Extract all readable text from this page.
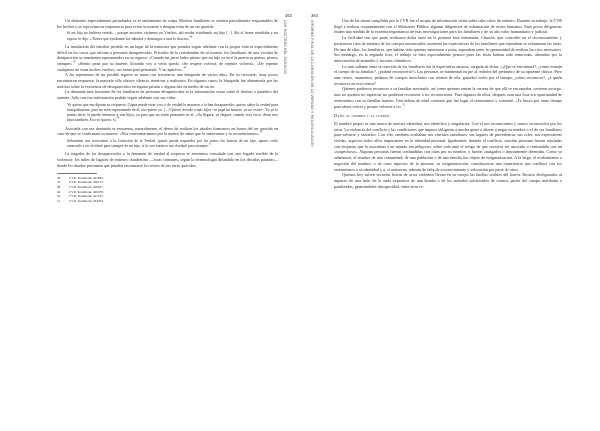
363
LOS ROSTROS DEL SILENCIO

Un elemento especialmente perturbador es el sentimiento de culpa. Muchos familiares se sienten parcialmente responsables de los hechos o se reprochan su impotencia para evitar la muerte o desaparición de un ser querido.

Si mi hijo no hubiera venido..., porque nosotros vivíamos en Vinchos, ahí estaba estudiando mi hijo [...]. Ahí al frente estudiaba y mi esposo le dijo: «Tienes que ayudarme los sábados y domingos a arar la chacra».$^{46}$

La instalación del familiar perdido en un lugar de la memoria que permita seguir adelante con la propia vida es especialmente difícil en los casos que afectan a personas desaparecidas. Privados de la certidumbre de su muerte, los familiares de una víctima de desaparición se mantienen esperanzados en su regreso: «Cuando mi perro ladra pienso que mi hija ya tocó la puerta as pienso, pienso siempre».$^{47}$ «Siento pena por su muerte, llorando voy a verla quedo, «Se respete volverá, de repente volverá». «De repente cualquiera de estas noches vuelve», así noma para pensando. Y no aparece».$^{48}$

A las esperanzas de un posible regreso se suma con frecuencia una búsqueda de varios años. En su recorrido, muy pocos encontraron respuesta; la mayoría sólo obtuvo silencio, mentiras y maltratos. En algunos casos, la búsqueda fue alimentada por las noticias sobre la existencia de desaparecidos en alguna prisión o alguna isla en medio de un río.

La demanda más frecuente de los familiares de personas desaparecidas es la información veraz sobre el destino o paradero del ausente. Sólo con esa información podrán seguir adelante con sus vidas.

Yo quiero que me dijeran su respuesta. Capaz puede estar vivo o de verdad lo mataron o lo han desaparecido; quiero saber la verdad para tranquilizarme, para no estar esperanzada de él, eso quiero yo. [...] Quiero decidir a más hijos -su papá ha muerto, ya no existe-. Yo ya le puedo decir, le puede informar a mis hijos, ya para que no estén pensando en él. «Ya llegará, ya llegará, cuando esta vivo» dicen mis hijos también. Eso yo quiero, sí.$^{49}$

Asociada con esa demanda se encuentra, naturalmente, el deseo de realizar los rituales funerarios en honor del ser querido en caso de que se confirmase su muerte. «Nos conformaríamos por lo menos de saber que lo enterramos y lo recordaríamos».$^{50}$

Solamente nos acercamos a la Comisión de la Verdad, quizás pueda responder por los restos los huesos de mi hijo, quiero verlo enterrado y no olvidaré para siempre de mi hijo, si lo veo entierro me olvidaré para siempre.$^{51}$

La tragedia de los desaparecidos y la demanda de verdad al respecto se encuentra vinculada con otro legado terrible de la violencia: los miles de lugares de entierro clandestino —fosas comunes, según la terminología difundida en los décadas pasadas— donde los deudos presumen que pueden encontrarse los restos de sus seres queridos.

46	CVR. Testimonio 201863.
47	CVR. Testimonio 200137.
48	CVR. Testimonio 200627.
49	CVR. Testimonio 400078.
50	CVR. Testimonio 201135.
51	CVR. Testimonio 203203.
364
INFORME FINAL DE LA COMISIÓN DE LA VERDAD Y RECONCILIACIÓN	Una de las tareas cumplidas por la CVR fue el acopio de información cierta sobre tales sitios de entierro. Durante su trabajo, la CVR llegó a realizar conjuntamente con el Ministerio Público algunas diligencias de exhumación de restos humanos. Esas pocas diligencias rinden una medida de la extrema importancia de esas investigaciones para los familiares y de su alto valor humanitario y judicial.

La facilidad con que pudo realizarse dicha tarea en la primera fosa exhumada, Chuschi, que coincidió en el reconocimiento y posteriores ritos de entierro de los cuerpos encontrados, aumentó las expectativas de los familiares que esperaban se exhumaran las otras. De una de ellas, los familiares, que habían sido quienes enterraron a prisa, esperaban tener la oportunidad de realizar los ritos necesarios. Sin embargo, en la segunda fosa, el trabajo se hizo especialmente penoso pues las fosas habían sido removidas, alteradas por la intervención de animales y factores climáticos.

Lo más saltante entre la reacción de los familiares fue la expectativa ansiosa, cargada de dolor: «¿Qué se encontrará?, ¿cómo estarán el cuerpo de su familiar?, ¿podrán reconocerlo?» Las personas se mantenían en pie al rededor del perímetro de su aparente clínica. Pero ante restos, osamentos, pedazos de cuerpos mezclados con retazos de tela, gastados todos por el tiempo, ¿cómo reconocer?, ¿a quién reconocer en esos restos?

Quienes pudieron reconocer a su familiar asesinado, así como quienes tenían la certeza de que allí se encontraba, tuvieron sosiego, mas no quienes no supieron, no pudieron reconocer o no reconocieron. Para algunos de ellos, después eran una fosa era oportunidad de reencuentro con su familiar muerto. Una señora de edad comentó que fue lugar el reencuentro y comentó: «Te busco por tanto tiempo para ahora volver y pronto volverte a ir».$^{52}$

Daño al nombre y al cuerpo

El nombre propio es una marca de nuestra identidad, nos identifica y singulariza. Con el nos reconocemos y somos reconocidos por los otros. La violencia del conflicto y las condiciones que impuso obligaron a mucha gente a alterar o negar su nombre o el de sus familiares para salvarse y salvarlos. Con ello, también ocultaban sus vínculos familiares, sus lugares de procedencia, sus roles, sus expectativas vividas, aspectos todos ellos importantes en la identidad personal. Igualmente, durante el conflicto, muchas personas fueron rotuladas con etiquetas que la asociaban a un mundo tan peligroso, sobre todo ante el riesgo de que sucesiva ser asociado o confundido con un «sospechoso». Algunas personas fueron confundidas con otras por su nombre, y fueron castigados o injustamente detenidas. Como ya señalamos, el nombre de una comunidad, de una población o de una familia fue objeto de estigmatización. A la larga, el ocultamiento o negación del nombre, o de otros aspectos de la persona, su estigmatización, constituyeron una experiencia que confluyó con los sentimientos a su identidad y a, sí antesorna, además de falta de reconocimiento y valoración por parte de otros.

Quienes hoy sufren secuelas físicas de actos violentos llevan en su cuerpo las huellas visibles del horror. Rostros desfigurados al impacto de una bala; de la onda expansiva de una bomba o de los métodos sofisticados de tortura; partes del cuerpo mutiladas o paralizadas, generándoles discapacidad, entre otras re-
